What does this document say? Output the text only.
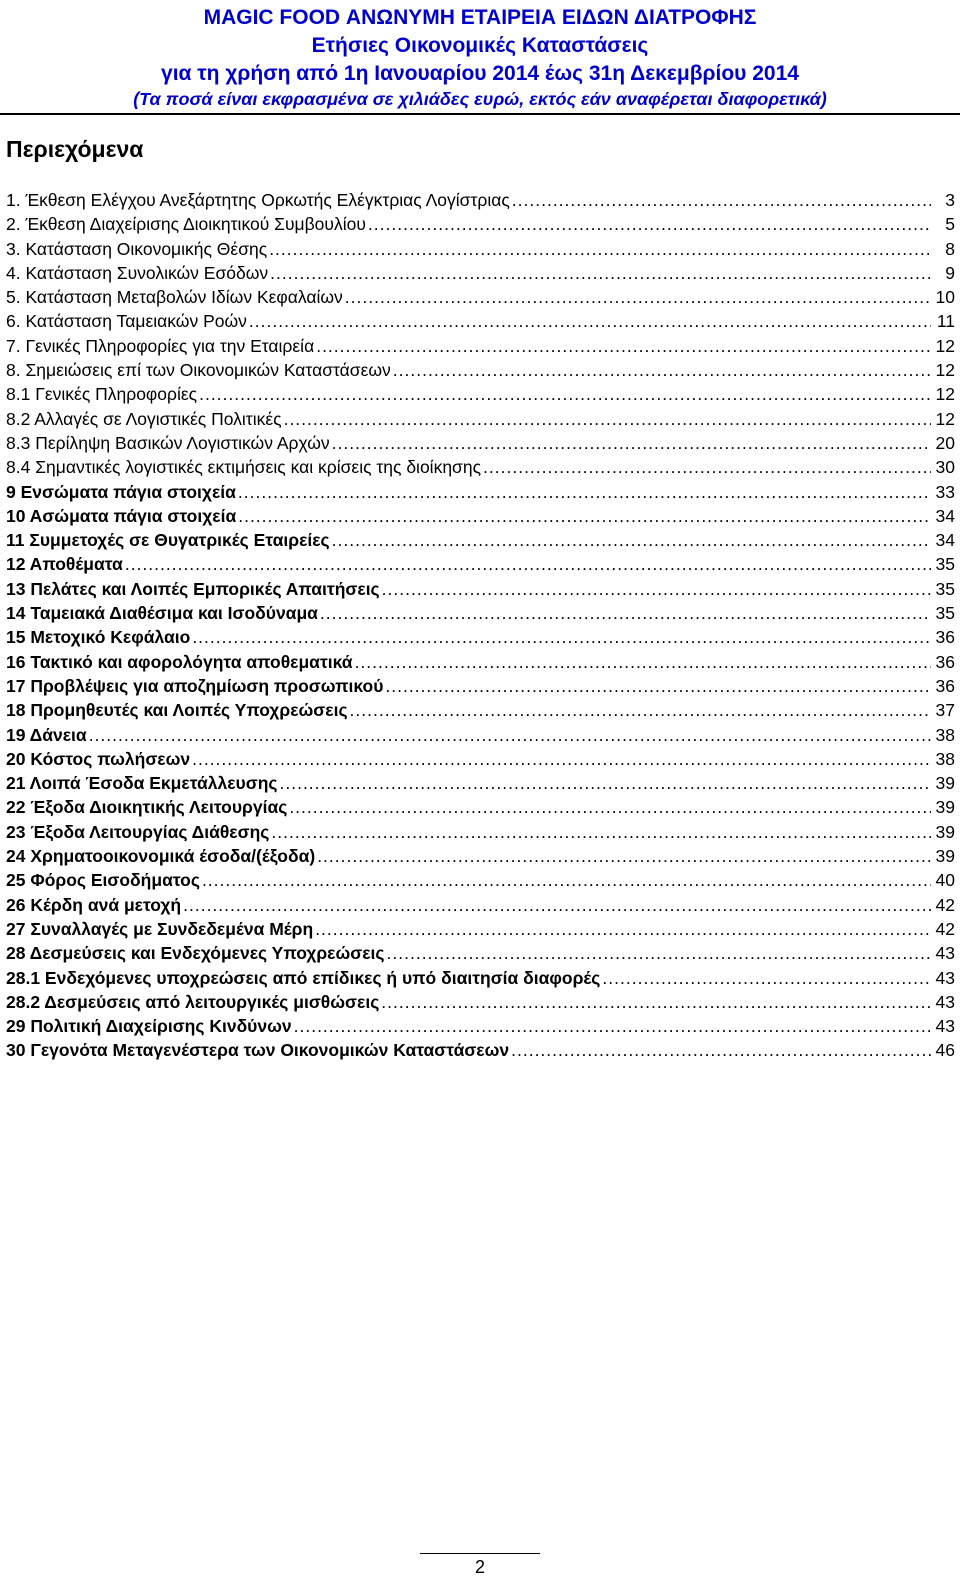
MAGIC FOOD ΑΝΩΝΥΜΗ ΕΤΑΙΡΕΙΑ ΕΙΔΩΝ ΔΙΑΤΡΟΦΗΣ
Ετήσιες Οικονομικές Καταστάσεις
για τη χρήση από 1η Ιανουαρίου 2014 έως 31η Δεκεμβρίου 2014
(Τα ποσά είναι εκφρασμένα σε χιλιάδες ευρώ, εκτός εάν αναφέρεται διαφορετικά)
Περιεχόμενα
1. Έκθεση Ελέγχου Ανεξάρτητης Ορκωτής Ελέγκτριας Λογίστριας .....	3
2. Έκθεση Διαχείρισης Διοικητικού Συμβουλίου .....	5
3. Κατάσταση Οικονομικής Θέσης .....	8
4. Κατάσταση Συνολικών Εσόδων .....	9
5. Κατάσταση Μεταβολών Ιδίων Κεφαλαίων .....	10
6. Κατάσταση Ταμειακών Ροών .....	11
7. Γενικές Πληροφορίες για την Εταιρεία .....	12
8. Σημειώσεις επί των Οικονομικών Καταστάσεων .....	12
8.1 Γενικές Πληροφορίες .....	12
8.2 Αλλαγές σε Λογιστικές Πολιτικές .....	12
8.3 Περίληψη Βασικών Λογιστικών Αρχών .....	20
8.4 Σημαντικές λογιστικές εκτιμήσεις και κρίσεις της διοίκησης .....	30
9 Ενσώματα πάγια στοιχεία .....	33
10 Ασώματα πάγια στοιχεία .....	34
11 Συμμετοχές σε Θυγατρικές Εταιρείες .....	34
12 Αποθέματα .....	35
13 Πελάτες και Λοιπές Εμπορικές Απαιτήσεις .....	35
14 Ταμειακά Διαθέσιμα και Ισοδύναμα .....	35
15 Μετοχικό Κεφάλαιο .....	36
16 Τακτικό και αφορολόγητα αποθεματικά .....	36
17 Προβλέψεις για αποζημίωση προσωπικού .....	36
18 Προμηθευτές και Λοιπές Υποχρεώσεις .....	37
19 Δάνεια .....	38
20 Κόστος πωλήσεων .....	38
21 Λοιπά Έσοδα Εκμετάλλευσης .....	39
22 Έξοδα Διοικητικής Λειτουργίας .....	39
23 Έξοδα Λειτουργίας Διάθεσης .....	39
24 Χρηματοοικονομικά έσοδα/(έξοδα) .....	39
25 Φόρος Εισοδήματος .....	40
26 Κέρδη ανά μετοχή .....	42
27 Συναλλαγές με Συνδεδεμένα Μέρη .....	42
28 Δεσμεύσεις και Ενδεχόμενες Υποχρεώσεις .....	43
28.1 Ενδεχόμενες υποχρεώσεις από επίδικες ή υπό διαιτησία διαφορές .....	43
28.2 Δεσμεύσεις από λειτουργικές μισθώσεις .....	43
29 Πολιτική Διαχείρισης Κινδύνων .....	43
30 Γεγονότα Μεταγενέστερα των Οικονομικών Καταστάσεων .....	46
2
